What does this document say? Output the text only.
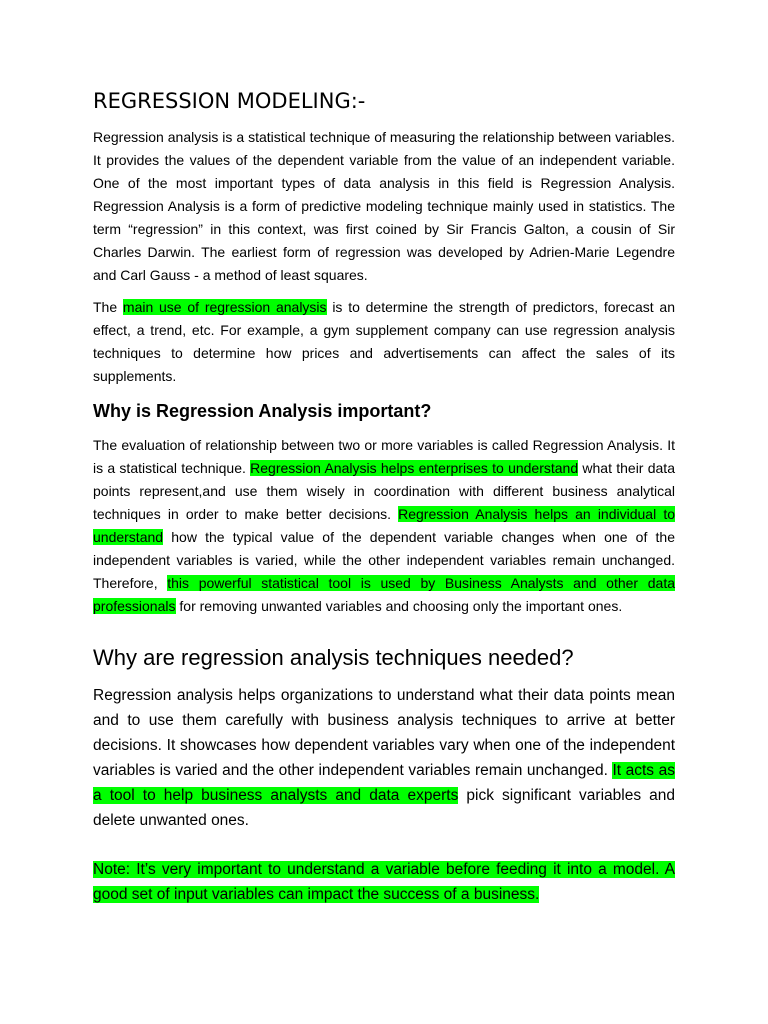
REGRESSION MODELING:-

Regression analysis is a statistical technique of measuring the relationship between variables. It provides the values of the dependent variable from the value of an independent variable. One of the most important types of data analysis in this field is Regression Analysis. Regression Analysis is a form of predictive modeling technique mainly used in statistics. The term “regression” in this context, was first coined by Sir Francis Galton, a cousin of Sir Charles Darwin. The earliest form of regression was developed by Adrien-Marie Legendre and Carl Gauss - a method of least squares.

The main use of regression analysis is to determine the strength of predictors, forecast an effect, a trend, etc. For example, a gym supplement company can use regression analysis techniques to determine how prices and advertisements can affect the sales of its supplements.

Why is Regression Analysis important?

The evaluation of relationship between two or more variables is called Regression Analysis. It is a statistical technique. Regression Analysis helps enterprises to understand what their data points represent,and use them wisely in coordination with different business analytical techniques in order to make better decisions. Regression Analysis helps an individual to understand how the typical value of the dependent variable changes when one of the independent variables is varied, while the other independent variables remain unchanged. Therefore, this powerful statistical tool is used by Business Analysts and other data professionals for removing unwanted variables and choosing only the important ones.

Why are regression analysis techniques needed?

Regression analysis helps organizations to understand what their data points mean and to use them carefully with business analysis techniques to arrive at better decisions. It showcases how dependent variables vary when one of the independent variables is varied and the other independent variables remain unchanged. It acts as a tool to help business analysts and data experts pick significant variables and delete unwanted ones.

Note: It’s very important to understand a variable before feeding it into a model. A good set of input variables can impact the success of a business.
